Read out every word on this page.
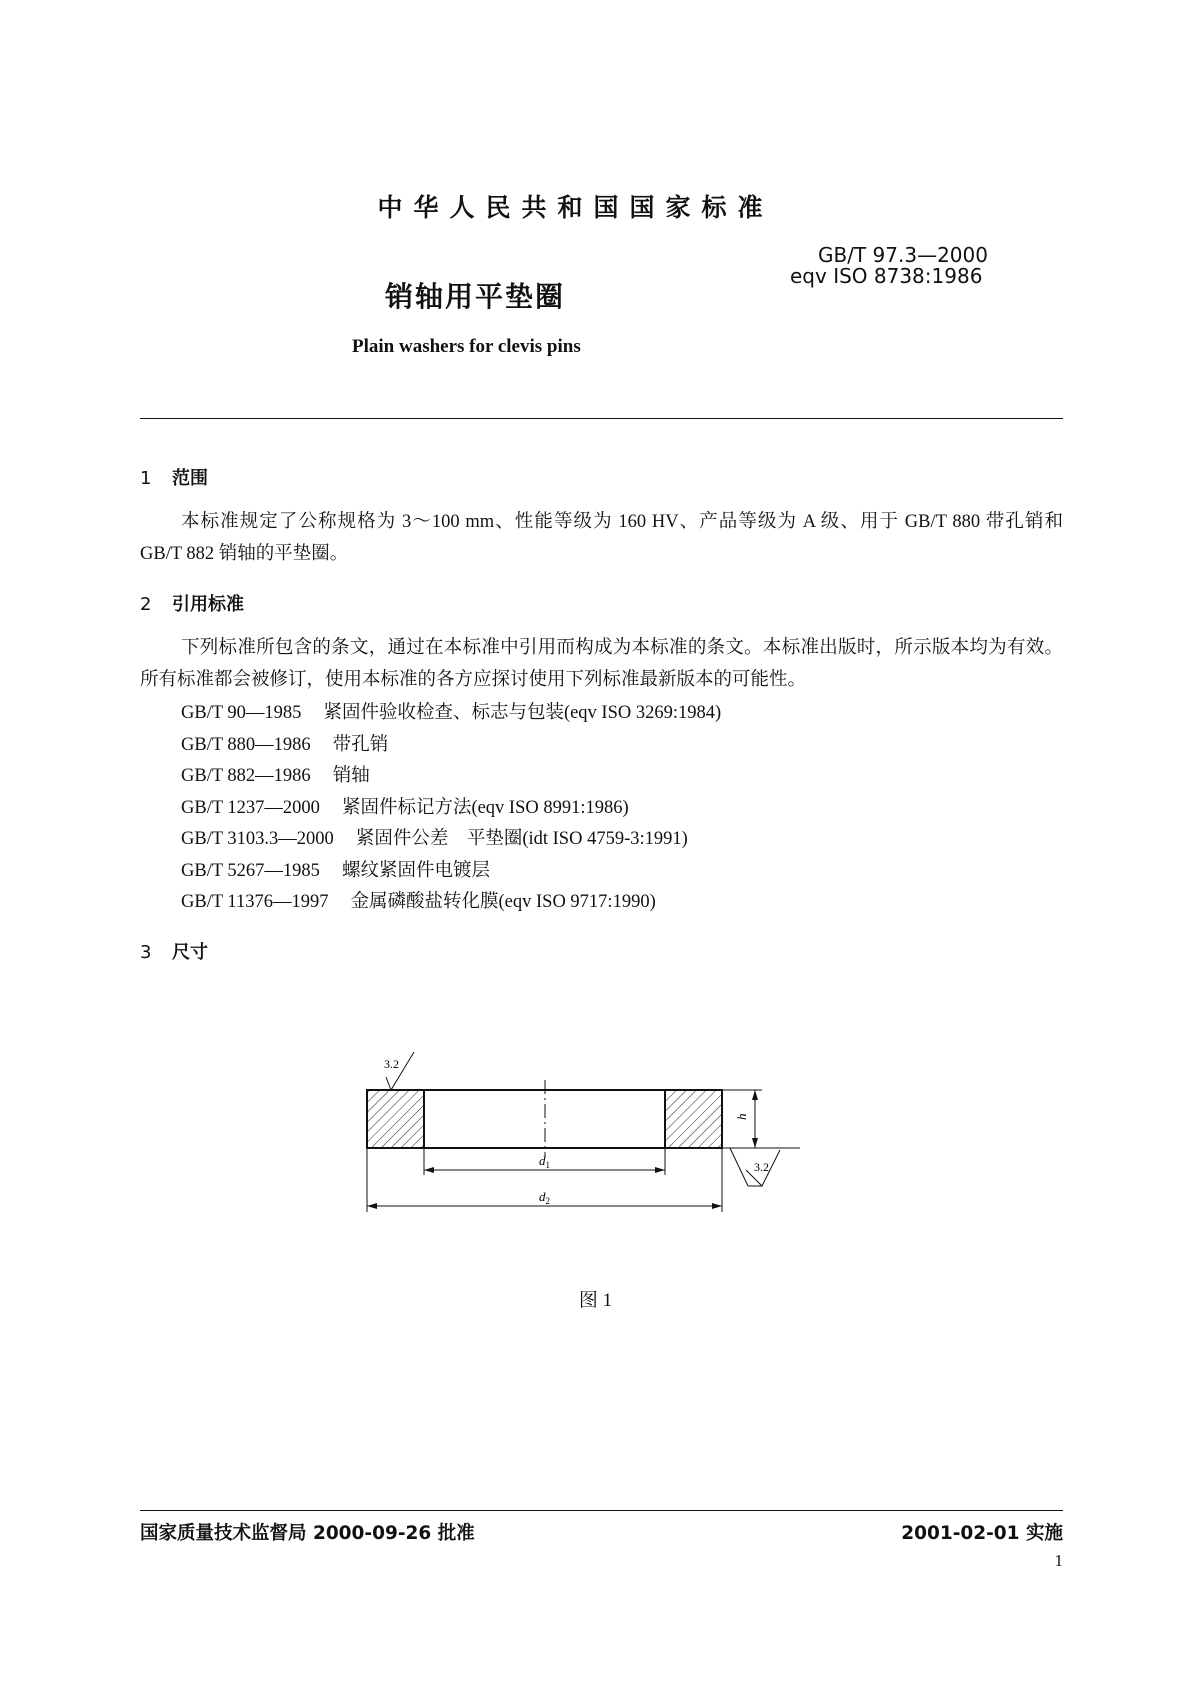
中华人民共和国国家标准
GB/T 97.3—2000
eqv ISO 8738:1986
销轴用平垫圈
Plain washers for clevis pins
1 范围

本标准规定了公称规格为 3～100 mm、性能等级为 160 HV、产品等级为 A 级、用于 GB/T 880 带孔销和 GB/T 882 销轴的平垫圈。

2 引用标准

下列标准所包含的条文，通过在本标准中引用而构成为本标准的条文。本标准出版时，所示版本均为有效。所有标准都会被修订，使用本标准的各方应探讨使用下列标准最新版本的可能性。

GB/T 90—1985 紧固件验收检查、标志与包装(eqv ISO 3269:1984)
GB/T 880—1986 带孔销
GB/T 882—1986 销轴
GB/T 1237—2000 紧固件标记方法(eqv ISO 8991:1986)
GB/T 3103.3—2000 紧固件公差　平垫圈(idt ISO 4759-3:1991)
GB/T 5267—1985 螺纹紧固件电镀层
GB/T 11376—1997 金属磷酸盐转化膜(eqv ISO 9717:1990)
3 尺寸
h
$d_1$
$d_2$
3.2
3.2
图 1
国家质量技术监督局 2000-09-26 批准	2001-02-01 实施
1
